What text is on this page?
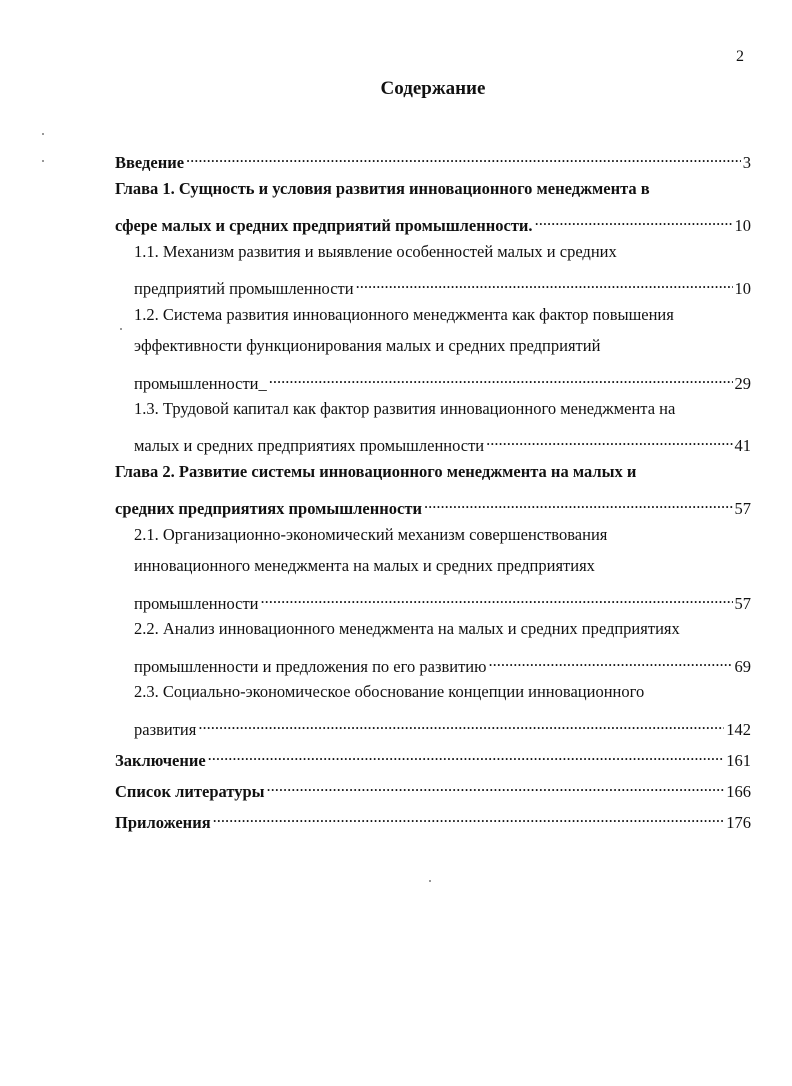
2
Содержание
Введение .....	3
Глава 1. Сущность и условия развития инновационного менеджмента в
сфере малых и средних предприятий промышленности. .....	10
1.1. Механизм развития и выявление особенностей малых и средних
предприятий промышленности .....	10
1.2. Система развития инновационного менеджмента как фактор повышения
эффективности функционирования малых и средних предприятий
промышленности_ .....	29
1.3. Трудовой капитал как фактор развития инновационного менеджмента на
малых и средних предприятиях промышленности .....	41
Глава 2. Развитие системы инновационного менеджмента на малых и
средних предприятиях промышленности .....	57
2.1. Организационно-экономический механизм совершенствования
инновационного менеджмента на малых и средних предприятиях
промышленности .....	57
2.2. Анализ инновационного менеджмента на малых и средних предприятиях
промышленности и предложения по его развитию .....	69
2.3. Социально-экономическое обоснование концепции инновационного
развития .....	142
Заключение .....	161
Список литературы .....	166
Приложения .....	176
